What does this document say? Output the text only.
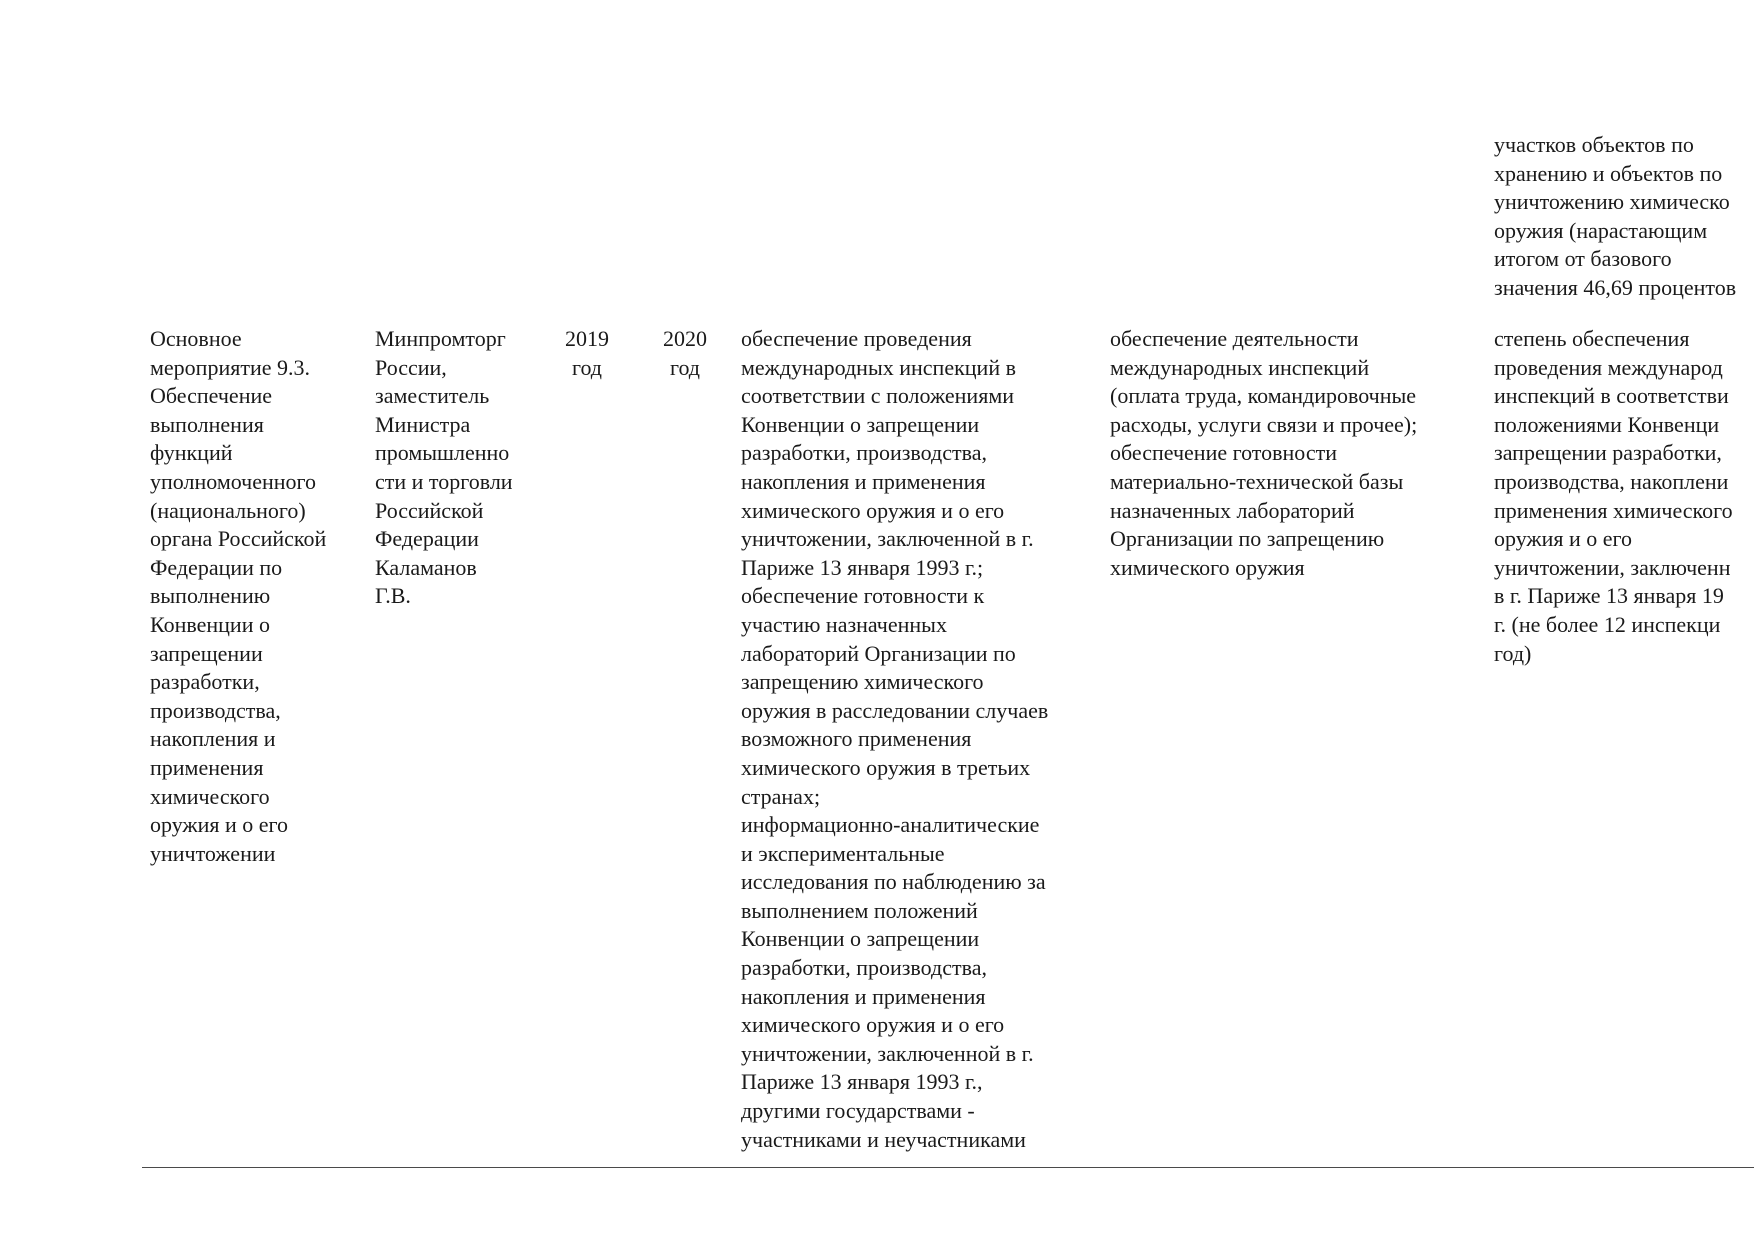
участков объектов по
хранению и объектов по
уничтожению химическо
оружия (нарастающим
итогом от базового
значения 46,69 процентов

Основное
мероприятие 9.3.
Обеспечение
выполнения
функций
уполномоченного
(национального)
органа Российской
Федерации по
выполнению
Конвенции о
запрещении
разработки,
производства,
накопления и
применения
химического
оружия и о его
уничтожении

Минпромторг
России,
заместитель
Министра
промышленно
сти и торговли
Российской
Федерации
Каламанов
Г.В.

2019
год

2020
год

обеспечение проведения
международных инспекций в
соответствии с положениями
Конвенции о запрещении
разработки, производства,
накопления и применения
химического оружия и о его
уничтожении, заключенной в г.
Париже 13 января 1993 г.;
обеспечение готовности к
участию назначенных
лабораторий Организации по
запрещению химического
оружия в расследовании случаев
возможного применения
химического оружия в третьих
странах;
информационно-аналитические
и экспериментальные
исследования по наблюдению за
выполнением положений
Конвенции о запрещении
разработки, производства,
накопления и применения
химического оружия и о его
уничтожении, заключенной в г.
Париже 13 января 1993 г.,
другими государствами -
участниками и неучастниками

обеспечение деятельности
международных инспекций
(оплата труда, командировочные
расходы, услуги связи и прочее);
обеспечение готовности
материально-технической базы
назначенных лабораторий
Организации по запрещению
химического оружия

степень обеспечения
проведения международ
инспекций в соответстви
положениями Конвенци
запрещении разработки,
производства, накоплени
применения химического
оружия и о его
уничтожении, заключенн
в г. Париже 13 января 19
г. (не более 12 инспекци
год)
